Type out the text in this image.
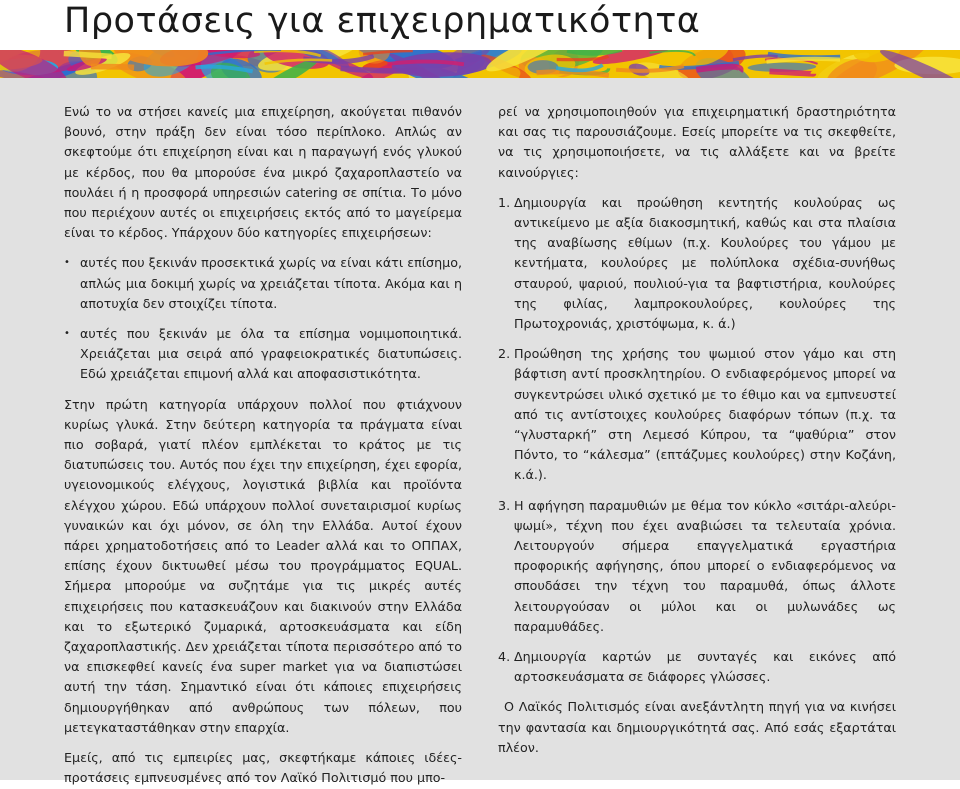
Προτάσεις για επιχειρηματικότητα

Ενώ το να στήσει κανείς μια επιχείρηση, ακούγεται πιθανόν βουνό, στην πράξη δεν είναι τόσο περίπλοκο. Απλώς αν σκεφτούμε ότι επιχείρηση είναι και η παραγωγή ενός γλυκού με κέρδος, που θα μπορούσε ένα μικρό ζαχαροπλαστείο να πουλάει ή η προσφορά υπηρεσιών catering σε σπίτια. Το μόνο που περιέχουν αυτές οι επιχειρήσεις εκτός από το μαγείρεμα είναι το κέρδος. Υπάρχουν δύο κατηγορίες επιχειρήσεων:

• αυτές που ξεκινάν προσεκτικά χωρίς να είναι κάτι επίσημο, απλώς μια δοκιμή χωρίς να χρειάζεται τίποτα. Ακόμα και η αποτυχία δεν στοιχίζει τίποτα.

• αυτές που ξεκινάν με όλα τα επίσημα νομιμοποιητικά. Χρειάζεται μια σειρά από γραφειοκρατικές διατυπώσεις. Εδώ χρειάζεται επιμονή αλλά και αποφασιστικότητα.

Στην πρώτη κατηγορία υπάρχουν πολλοί που φτιάχνουν κυρίως γλυκά. Στην δεύτερη κατηγορία τα πράγματα είναι πιο σοβαρά, γιατί πλέον εμπλέκεται το κράτος με τις διατυπώσεις του. Αυτός που έχει την επιχείρηση, έχει εφορία, υγειονομικούς ελέγχους, λογιστικά βιβλία και προϊόντα ελέγχου χώρου. Εδώ υπάρχουν πολλοί συνεταιρισμοί κυρίως γυναικών και όχι μόνον, σε όλη την Ελλάδα. Αυτοί έχουν πάρει χρηματοδοτήσεις από το Leader αλλά και το ΟΠΠΑΧ, επίσης έχουν δικτυωθεί μέσω του προγράμματος EQUAL. Σήμερα μπορούμε να συζητάμε για τις μικρές αυτές επιχειρήσεις που κατασκευάζουν και διακινούν στην Ελλάδα και το εξωτερικό ζυμαρικά, αρτοσκευάσματα και είδη ζαχαροπλαστικής. Δεν χρειάζεται τίποτα περισσότερο από το να επισκεφθεί κανείς ένα super market για να διαπιστώσει αυτή την τάση. Σημαντικό είναι ότι κάποιες επιχειρήσεις δημιουργήθηκαν από ανθρώπους των πόλεων, που μετεγκαταστάθηκαν στην επαρχία.

Εμείς, από τις εμπειρίες μας, σκεφτήκαμε κάποιες ιδέες-προτάσεις εμπνευσμένες από τον Λαϊκό Πολιτισμό που μπο-

ρεί να χρησιμοποιηθούν για επιχειρηματική δραστηριότητα και σας τις παρουσιάζουμε. Εσείς μπορείτε να τις σκεφθείτε, να τις χρησιμοποιήσετε, να τις αλλάξετε και να βρείτε καινούργιες:

1. Δημιουργία και προώθηση κεντητής κουλούρας ως αντικείμενο με αξία διακοσμητική, καθώς και στα πλαίσια της αναβίωσης εθίμων (π.χ. Κουλούρες του γάμου με κεντήματα, κουλούρες με πολύπλοκα σχέδια-συνήθως σταυρού, ψαριού, πουλιού-για τα βαφτιστήρια, κουλούρες της φιλίας, λαμπροκουλούρες, κουλούρες της Πρωτοχρονιάς, χριστόψωμα, κ. ά.)

2. Προώθηση της χρήσης του ψωμιού στον γάμο και στη βάφτιση αντί προσκλητηρίου. Ο ενδιαφερόμενος μπορεί να συγκεντρώσει υλικό σχετικό με το έθιμο και να εμπνευστεί από τις αντίστοιχες κουλούρες διαφόρων τόπων (π.χ. τα “γλυσταρκή” στη Λεμεσό Κύπρου, τα “ψαθύρια” στον Πόντο, το “κάλεσμα” (επτάζυμες κουλούρες) στην Κοζάνη, κ.ά.).

3. Η αφήγηση παραμυθιών με θέμα τον κύκλο «σιτάρι-αλεύρι-ψωμί», τέχνη που έχει αναβιώσει τα τελευταία χρόνια. Λειτουργούν σήμερα επαγγελματικά εργαστήρια προφορικής αφήγησης, όπου μπορεί ο ενδιαφερόμενος να σπουδάσει την τέχνη του παραμυθά, όπως άλλοτε λειτουργούσαν οι μύλοι και οι μυλωνάδες ως παραμυθάδες.

4. Δημιουργία καρτών με συνταγές και εικόνες από αρτοσκευάσματα σε διάφορες γλώσσες.

Ο Λαϊκός Πολιτισμός είναι ανεξάντλητη πηγή για να κινήσει την φαντασία και δημιουργικότητά σας. Από εσάς εξαρτάται πλέον.
